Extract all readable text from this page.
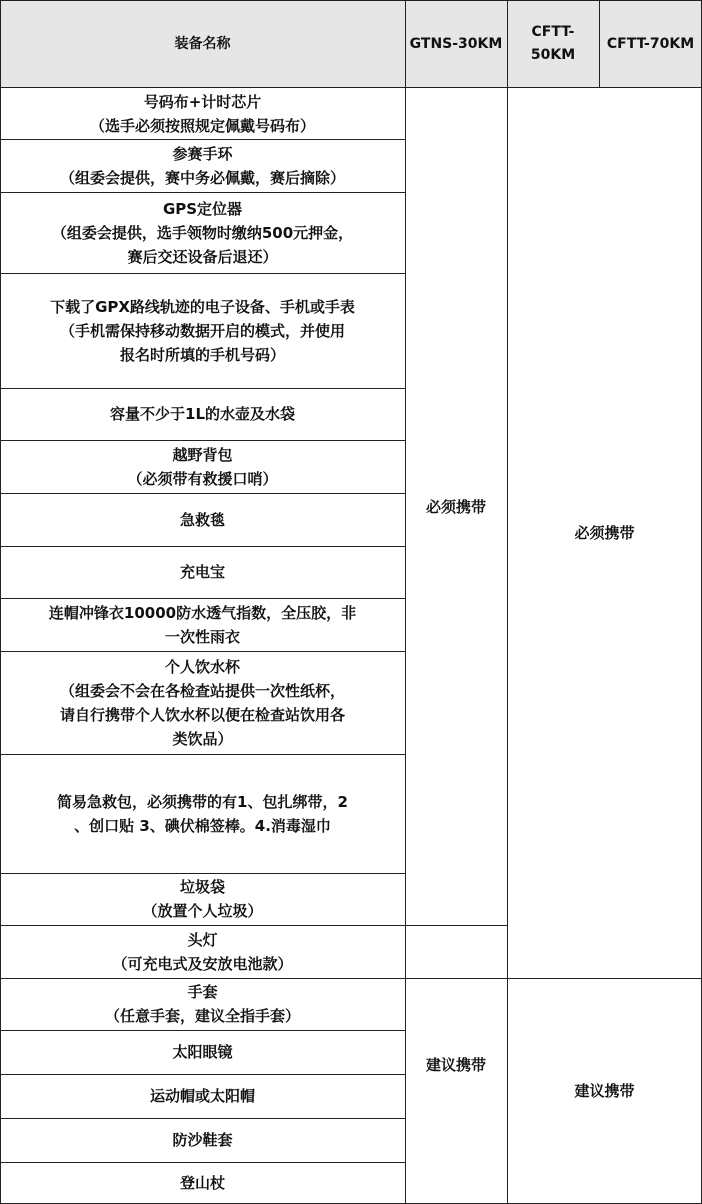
装备名称	GTNS-30KM
CFTT-
50KM
CFTT-70KM
号码布+计时芯片
（选手必须按照规定佩戴号码布）
参赛手环
（组委会提供，赛中务必佩戴，赛后摘除）
GPS定位器
（组委会提供，选手领物时缴纳500元押金，
赛后交还设备后退还）
下载了GPX路线轨迹的电子设备、手机或手表
（手机需保持移动数据开启的模式，并使用
报名时所填的手机号码）
容量不少于1L的水壶及水袋
越野背包
（必须带有救援口哨）
急救毯
充电宝
连帽冲锋衣10000防水透气指数，全压胶，非
一次性雨衣
个人饮水杯
（组委会不会在各检查站提供一次性纸杯，
请自行携带个人饮水杯以便在检查站饮用各
类饮品）
简易急救包，必须携带的有1、包扎绑带，2
、创口贴 3、碘伏棉签棒。4.消毒湿巾
垃圾袋
（放置个人垃圾）
头灯
（可充电式及安放电池款）
手套
（任意手套，建议全指手套）
太阳眼镜
运动帽或太阳帽
防沙鞋套
登山杖
必须携带
建议携带
必须携带
建议携带
